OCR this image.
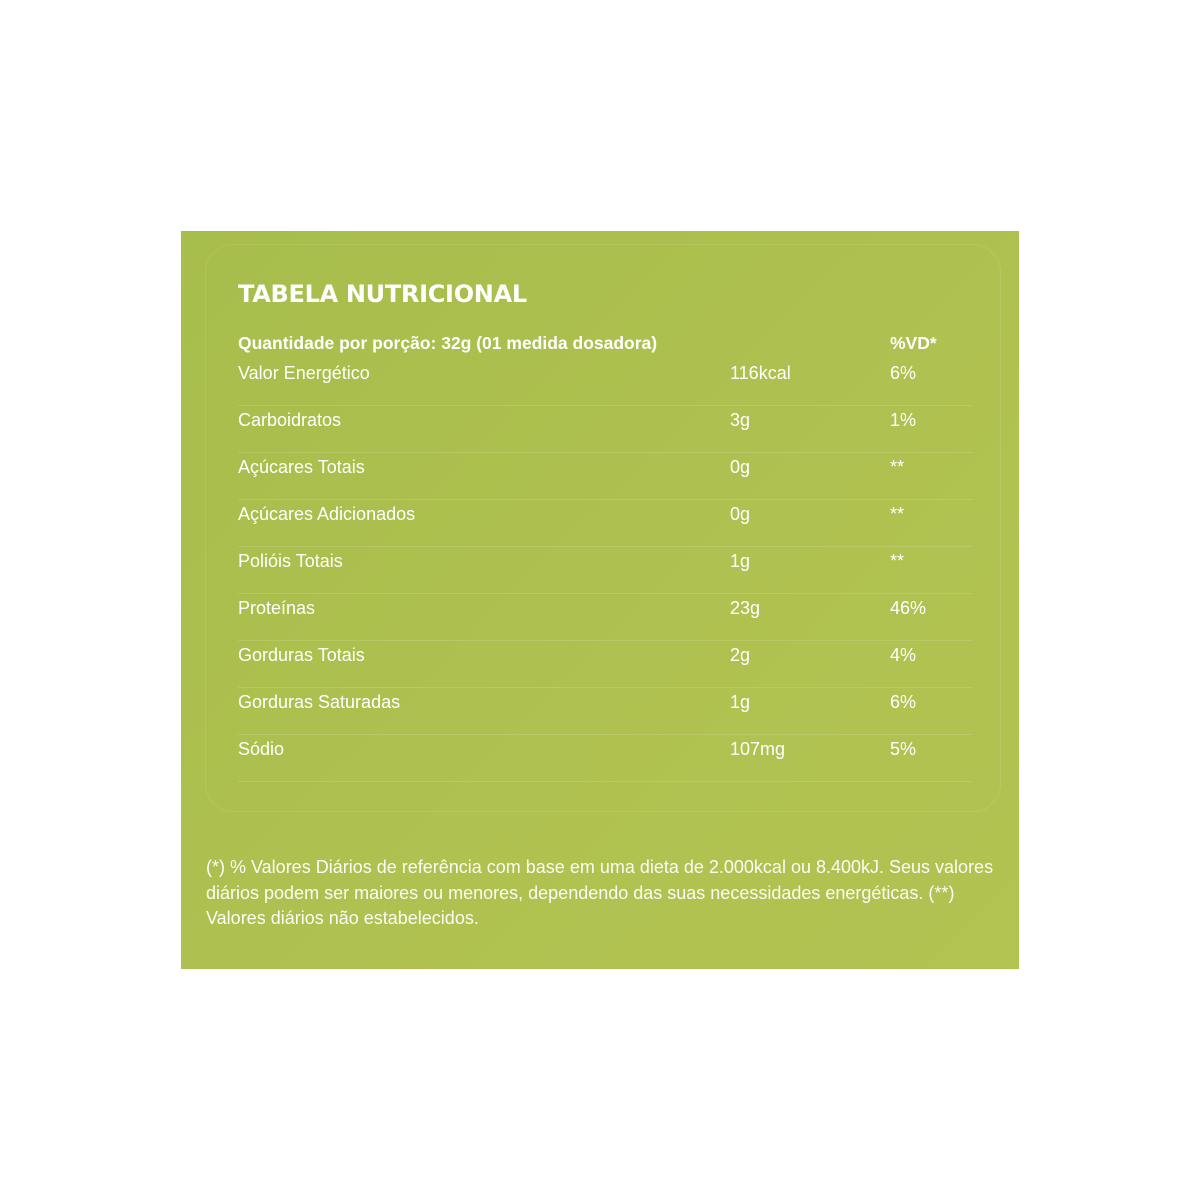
TABELA NUTRICIONAL
Quantidade por porção: 32g (01 medida dosadora)	%VD*
Valor Energético	116kcal	6%
Carboidratos	3g	1%
Açúcares Totais	0g	**
Açúcares Adicionados	0g	**
Polióis Totais	1g	**
Proteínas	23g	46%
Gorduras Totais	2g	4%
Gorduras Saturadas	1g	6%
Sódio	107mg	5%

(*) % Valores Diários de referência com base em uma dieta de 2.000kcal ou 8.400kJ. Seus valores diários podem ser maiores ou menores, dependendo das suas necessidades energéticas. (**) Valores diários não estabelecidos.
